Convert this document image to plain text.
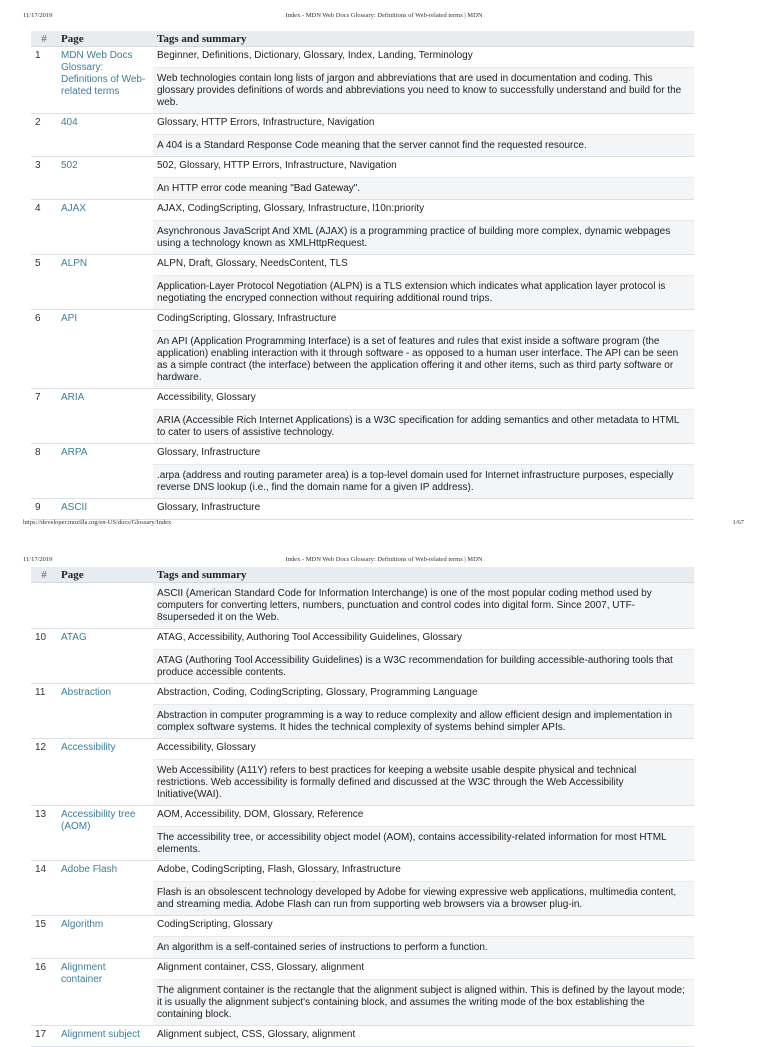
11/17/2019	Index - MDN Web Docs Glossary: Definitions of Web-related terms | MDN
#	Page	Tags and summary
1	MDN Web Docs Glossary: Definitions of Web-related terms	Beginner, Definitions, Dictionary, Glossary, Index, Landing, Terminology
		Web technologies contain long lists of jargon and abbreviations that are used in documentation and coding. This glossary provides definitions of words and abbreviations you need to know to successfully understand and build for the web.
2	404	Glossary, HTTP Errors, Infrastructure, Navigation
		A 404 is a Standard Response Code meaning that the server cannot find the requested resource.
3	502	502, Glossary, HTTP Errors, Infrastructure, Navigation
		An HTTP error code meaning "Bad Gateway".
4	AJAX	AJAX, CodingScripting, Glossary, Infrastructure, l10n:priority
		Asynchronous JavaScript And XML (AJAX) is a programming practice of building more complex, dynamic webpages using a technology known as XMLHttpRequest.
5	ALPN	ALPN, Draft, Glossary, NeedsContent, TLS
		Application-Layer Protocol Negotiation (ALPN) is a TLS extension which indicates what application layer protocol is negotiating the encryped connection without requiring additional round trips.
6	API	CodingScripting, Glossary, Infrastructure
		An API (Application Programming Interface) is a set of features and rules that exist inside a software program (the application) enabling interaction with it through software - as opposed to a human user interface. The API can be seen as a simple contract (the interface) between the application offering it and other items, such as third party software or hardware.
7	ARIA	Accessibility, Glossary
		ARIA (Accessible Rich Internet Applications) is a W3C specification for adding semantics and other metadata to HTML to cater to users of assistive technology.
8	ARPA	Glossary, Infrastructure
		.arpa (address and routing parameter area) is a top-level domain used for Internet infrastructure purposes, especially reverse DNS lookup (i.e., find the domain name for a given IP address).
9	ASCII	Glossary, Infrastructure
https://developer.mozilla.org/en-US/docs/Glossary/Index	1/67
11/17/2019	Index - MDN Web Docs Glossary: Definitions of Web-related terms | MDN
#	Page	Tags and summary
		ASCII (American Standard Code for Information Interchange) is one of the most popular coding method used by computers for converting letters, numbers, punctuation and control codes into digital form. Since 2007, UTF-8superseded it on the Web.
10	ATAG	ATAG, Accessibility, Authoring Tool Accessibility Guidelines, Glossary
		ATAG (Authoring Tool Accessibility Guidelines) is a W3C recommendation for building accessible-authoring tools that produce accessible contents.
11	Abstraction	Abstraction, Coding, CodingScripting, Glossary, Programming Language
		Abstraction in computer programming is a way to reduce complexity and allow efficient design and implementation in complex software systems. It hides the technical complexity of systems behind simpler APIs.
12	Accessibility	Accessibility, Glossary
		Web Accessibility (A11Y) refers to best practices for keeping a website usable despite physical and technical restrictions. Web accessibility is formally defined and discussed at the W3C through the Web Accessibility Initiative(WAI).
13	Accessibility tree (AOM)	AOM, Accessibility, DOM, Glossary, Reference
		The accessibility tree, or accessibility object model (AOM), contains accessibility-related information for most HTML elements.
14	Adobe Flash	Adobe, CodingScripting, Flash, Glossary, Infrastructure
		Flash is an obsolescent technology developed by Adobe for viewing expressive web applications, multimedia content, and streaming media. Adobe Flash can run from supporting web browsers via a browser plug-in.
15	Algorithm	CodingScripting, Glossary
		An algorithm is a self-contained series of instructions to perform a function.
16	Alignment container	Alignment container, CSS, Glossary, alignment
		The alignment container is the rectangle that the alignment subject is aligned within. This is defined by the layout mode; it is usually the alignment subject's containing block, and assumes the writing mode of the box establishing the containing block.
17	Alignment subject	Alignment subject, CSS, Glossary, alignment
